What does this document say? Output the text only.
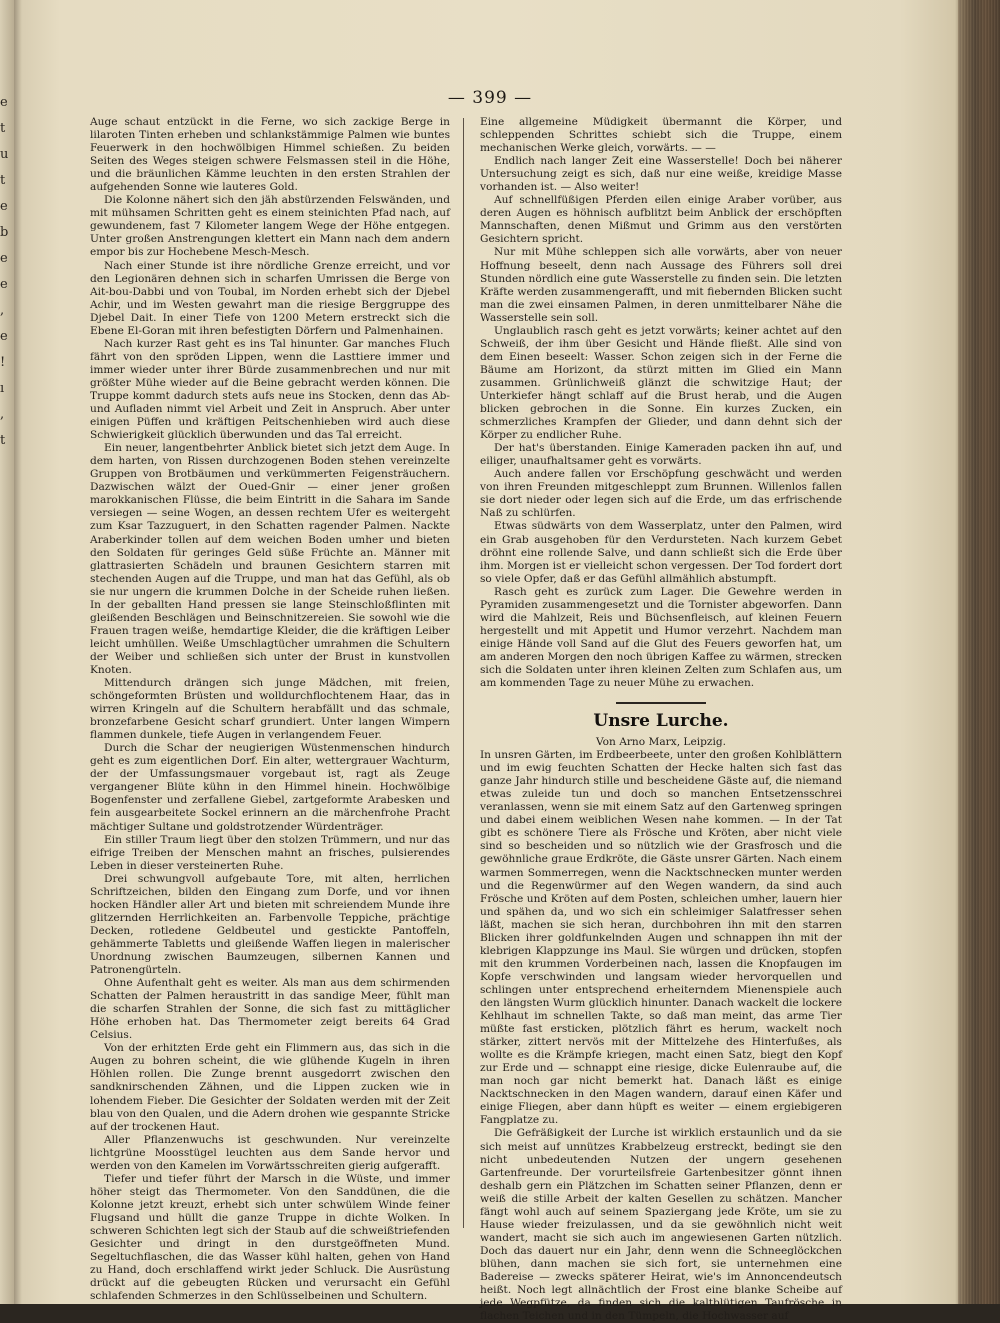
e
t
u
t
e
b
e
e
,
e
!
ı
,
t
— 399 —

Auge schaut entzückt in die Ferne, wo sich zackige Berge in lilaroten Tinten erheben und schlankstämmige Palmen wie buntes Feuerwerk in den hochwölbigen Himmel schießen. Zu beiden Seiten des Weges steigen schwere Felsmassen steil in die Höhe, und die bräunlichen Kämme leuchten in den ersten Strahlen der aufgehenden Sonne wie lauteres Gold.

Die Kolonne nähert sich den jäh abstürzenden Felswänden, und mit mühsamen Schritten geht es einem steinichten Pfad nach, auf gewundenem, fast 7 Kilometer langem Wege der Höhe entgegen. Unter großen Anstrengungen klettert ein Mann nach dem andern empor bis zur Hochebene Mesch-Mesch.

Nach einer Stunde ist ihre nördliche Grenze erreicht, und vor den Legionären dehnen sich in scharfen Umrissen die Berge von Ait-bou-Dabbi und von Toubal, im Norden erhebt sich der Djebel Achir, und im Westen gewahrt man die riesige Berggruppe des Djebel Dait. In einer Tiefe von 1200 Metern erstreckt sich die Ebene El-Goran mit ihren befestigten Dörfern und Palmenhainen.

Nach kurzer Rast geht es ins Tal hinunter. Gar manches Fluch fährt von den spröden Lippen, wenn die Lasttiere immer und immer wieder unter ihrer Bürde zusammenbrechen und nur mit größter Mühe wieder auf die Beine gebracht werden können. Die Truppe kommt dadurch stets aufs neue ins Stocken, denn das Ab- und Aufladen nimmt viel Arbeit und Zeit in Anspruch. Aber unter einigen Püffen und kräftigen Peitschenhieben wird auch diese Schwierigkeit glücklich überwunden und das Tal erreicht.

Ein neuer, langentbehrter Anblick bietet sich jetzt dem Auge. In dem harten, von Rissen durchzogenen Boden stehen vereinzelte Gruppen von Brotbäumen und verkümmerten Feigensträuchern. Dazwischen wälzt der Oued-Gnir — einer jener großen marokkanischen Flüsse, die beim Eintritt in die Sahara im Sande versiegen — seine Wogen, an dessen rechtem Ufer es weitergeht zum Ksar Tazzuguert, in den Schatten ragender Palmen. Nackte Araberkinder tollen auf dem weichen Boden umher und bieten den Soldaten für geringes Geld süße Früchte an. Männer mit glattrasierten Schädeln und braunen Gesichtern starren mit stechenden Augen auf die Truppe, und man hat das Gefühl, als ob sie nur ungern die krummen Dolche in der Scheide ruhen ließen. In der geballten Hand pressen sie lange Steinschloßflinten mit gleißenden Beschlägen und Beinschnitzereien. Sie sowohl wie die Frauen tragen weiße, hemdartige Kleider, die die kräftigen Leiber leicht umhüllen. Weiße Umschlagtücher umrahmen die Schultern der Weiber und schließen sich unter der Brust in kunstvollen Knoten.

Mittendurch drängen sich junge Mädchen, mit freien, schöngeformten Brüsten und wolldurchflochtenem Haar, das in wirren Kringeln auf die Schultern herabfällt und das schmale, bronzefarbene Gesicht scharf grundiert. Unter langen Wimpern flammen dunkele, tiefe Augen in verlangendem Feuer.

Durch die Schar der neugierigen Wüstenmenschen hindurch geht es zum eigentlichen Dorf. Ein alter, wettergrauer Wachturm, der der Umfassungsmauer vorgebaut ist, ragt als Zeuge vergangener Blüte kühn in den Himmel hinein. Hochwölbige Bogenfenster und zerfallene Giebel, zartgeformte Arabesken und fein ausgearbeitete Sockel erinnern an die märchenfrohe Pracht mächtiger Sultane und goldstrotzender Würdenträger.

Ein stiller Traum liegt über den stolzen Trümmern, und nur das eifrige Treiben der Menschen mahnt an frisches, pulsierendes Leben in dieser versteinerten Ruhe.

Drei schwungvoll aufgebaute Tore, mit alten, herrlichen Schriftzeichen, bilden den Eingang zum Dorfe, und vor ihnen hocken Händler aller Art und bieten mit schreiendem Munde ihre glitzernden Herrlichkeiten an. Farbenvolle Teppiche, prächtige Decken, rotledene Geldbeutel und gestickte Pantoffeln, gehämmerte Tabletts und gleißende Waffen liegen in malerischer Unordnung zwischen Baumzeugen, silbernen Kannen und Patronengürteln.

Ohne Aufenthalt geht es weiter. Als man aus dem schirmenden Schatten der Palmen heraustritt in das sandige Meer, fühlt man die scharfen Strahlen der Sonne, die sich fast zu mittäglicher Höhe erhoben hat. Das Thermometer zeigt bereits 64 Grad Celsius.

Von der erhitzten Erde geht ein Flimmern aus, das sich in die Augen zu bohren scheint, die wie glühende Kugeln in ihren Höhlen rollen. Die Zunge brennt ausgedorrt zwischen den sandknirschenden Zähnen, und die Lippen zucken wie in lohendem Fieber. Die Gesichter der Soldaten werden mit der Zeit blau von den Qualen, und die Adern drohen wie gespannte Stricke auf der trockenen Haut.

Aller Pflanzenwuchs ist geschwunden. Nur vereinzelte lichtgrüne Moosstügel leuchten aus dem Sande hervor und werden von den Kamelen im Vorwärtsschreiten gierig aufgerafft.

Tiefer und tiefer führt der Marsch in die Wüste, und immer höher steigt das Thermometer. Von den Sanddünen, die die Kolonne jetzt kreuzt, erhebt sich unter schwülem Winde feiner Flugsand und hüllt die ganze Truppe in dichte Wolken. In schweren Schichten legt sich der Staub auf die schweißtriefenden Gesichter und dringt in den durstgeöffneten Mund. Segeltuchflaschen, die das Wasser kühl halten, gehen von Hand zu Hand, doch erschlaffend wirkt jeder Schluck. Die Ausrüstung drückt auf die gebeugten Rücken und verursacht ein Gefühl schlafenden Schmerzes in den Schlüsselbeinen und Schultern.

Eine allgemeine Müdigkeit übermannt die Körper, und schleppenden Schrittes schiebt sich die Truppe, einem mechanischen Werke gleich, vorwärts. — —

Endlich nach langer Zeit eine Wasserstelle! Doch bei näherer Untersuchung zeigt es sich, daß nur eine weiße, kreidige Masse vorhanden ist. — Also weiter!

Auf schnellfüßigen Pferden eilen einige Araber vorüber, aus deren Augen es höhnisch aufblitzt beim Anblick der erschöpften Mannschaften, denen Mißmut und Grimm aus den verstörten Gesichtern spricht.

Nur mit Mühe schleppen sich alle vorwärts, aber von neuer Hoffnung beseelt, denn nach Aussage des Führers soll drei Stunden nördlich eine gute Wasserstelle zu finden sein. Die letzten Kräfte werden zusammengerafft, und mit fiebernden Blicken sucht man die zwei einsamen Palmen, in deren unmittelbarer Nähe die Wasserstelle sein soll.

Unglaublich rasch geht es jetzt vorwärts; keiner achtet auf den Schweiß, der ihm über Gesicht und Hände fließt. Alle sind von dem Einen beseelt: Wasser. Schon zeigen sich in der Ferne die Bäume am Horizont, da stürzt mitten im Glied ein Mann zusammen. Grünlichweiß glänzt die schwitzige Haut; der Unterkiefer hängt schlaff auf die Brust herab, und die Augen blicken gebrochen in die Sonne. Ein kurzes Zucken, ein schmerzliches Krampfen der Glieder, und dann dehnt sich der Körper zu endlicher Ruhe.

Der hat's überstanden. Einige Kameraden packen ihn auf, und eiliger, unaufhaltsamer geht es vorwärts.

Auch andere fallen vor Erschöpfung geschwächt und werden von ihren Freunden mitgeschleppt zum Brunnen. Willenlos fallen sie dort nieder oder legen sich auf die Erde, um das erfrischende Naß zu schlürfen.

Etwas südwärts von dem Wasserplatz, unter den Palmen, wird ein Grab ausgehoben für den Verdursteten. Nach kurzem Gebet dröhnt eine rollende Salve, und dann schließt sich die Erde über ihm. Morgen ist er vielleicht schon vergessen. Der Tod fordert dort so viele Opfer, daß er das Gefühl allmählich abstumpft.

Rasch geht es zurück zum Lager. Die Gewehre werden in Pyramiden zusammengesetzt und die Tornister abgeworfen. Dann wird die Mahlzeit, Reis und Büchsenfleisch, auf kleinen Feuern hergestellt und mit Appetit und Humor verzehrt. Nachdem man einige Hände voll Sand auf die Glut des Feuers geworfen hat, um am anderen Morgen den noch übrigen Kaffee zu wärmen, strecken sich die Soldaten unter ihren kleinen Zelten zum Schlafen aus, um am kommenden Tage zu neuer Mühe zu erwachen.

Unsre Lurche.

Von Arno Marx, Leipzig.

In unsren Gärten, im Erdbeerbeete, unter den großen Kohlblättern und im ewig feuchten Schatten der Hecke halten sich fast das ganze Jahr hindurch stille und bescheidene Gäste auf, die niemand etwas zuleide tun und doch so manchen Entsetzensschrei veranlassen, wenn sie mit einem Satz auf den Gartenweg springen und dabei einem weiblichen Wesen nahe kommen. — In der Tat gibt es schönere Tiere als Frösche und Kröten, aber nicht viele sind so bescheiden und so nützlich wie der Grasfrosch und die gewöhnliche graue Erdkröte, die Gäste unsrer Gärten. Nach einem warmen Sommerregen, wenn die Nacktschnecken munter werden und die Regenwürmer auf den Wegen wandern, da sind auch Frösche und Kröten auf dem Posten, schleichen umher, lauern hier und spähen da, und wo sich ein schleimiger Salatfresser sehen läßt, machen sie sich heran, durchbohren ihn mit den starren Blicken ihrer goldfunkelnden Augen und schnappen ihn mit der klebrigen Klappzunge ins Maul. Sie würgen und drücken, stopfen mit den krummen Vorderbeinen nach, lassen die Knopfaugen im Kopfe verschwinden und langsam wieder hervorquellen und schlingen unter entsprechend erheiterndem Mienenspiele auch den längsten Wurm glücklich hinunter. Danach wackelt die lockere Kehlhaut im schnellen Takte, so daß man meint, das arme Tier müßte fast ersticken, plötzlich fährt es herum, wackelt noch stärker, zittert nervös mit der Mittelzehe des Hinterfußes, als wollte es die Krämpfe kriegen, macht einen Satz, biegt den Kopf zur Erde und — schnappt eine riesige, dicke Eulenraube auf, die man noch gar nicht bemerkt hat. Danach läßt es einige Nacktschnecken in den Magen wandern, darauf einen Käfer und einige Fliegen, aber dann hüpft es weiter — einem ergiebigeren Fangplatze zu.

Die Gefräßigkeit der Lurche ist wirklich erstaunlich und da sie sich meist auf unnützes Krabbelzeug erstreckt, bedingt sie den nicht unbedeutenden Nutzen der ungern gesehenen Gartenfreunde. Der vorurteilsfreie Gartenbesitzer gönnt ihnen deshalb gern ein Plätzchen im Schatten seiner Pflanzen, denn er weiß die stille Arbeit der kalten Gesellen zu schätzen. Mancher fängt wohl auch auf seinem Spaziergang jede Kröte, um sie zu Hause wieder freizulassen, und da sie gewöhnlich nicht weit wandert, macht sie sich auch im angewiesenen Garten nützlich. Doch das dauert nur ein Jahr, denn wenn die Schneeglöckchen blühen, dann machen sie sich fort, sie unternehmen eine Badereise — zwecks späterer Heirat, wie's im Annoncendeutsch heißt. Noch legt allnächtlich der Frost eine blanke Scheibe auf jede Wegpfütze, da finden sich die kaltblütigen Taufrösche in flachen Teichen und in den Tümpeln, die Hochwasser auf
